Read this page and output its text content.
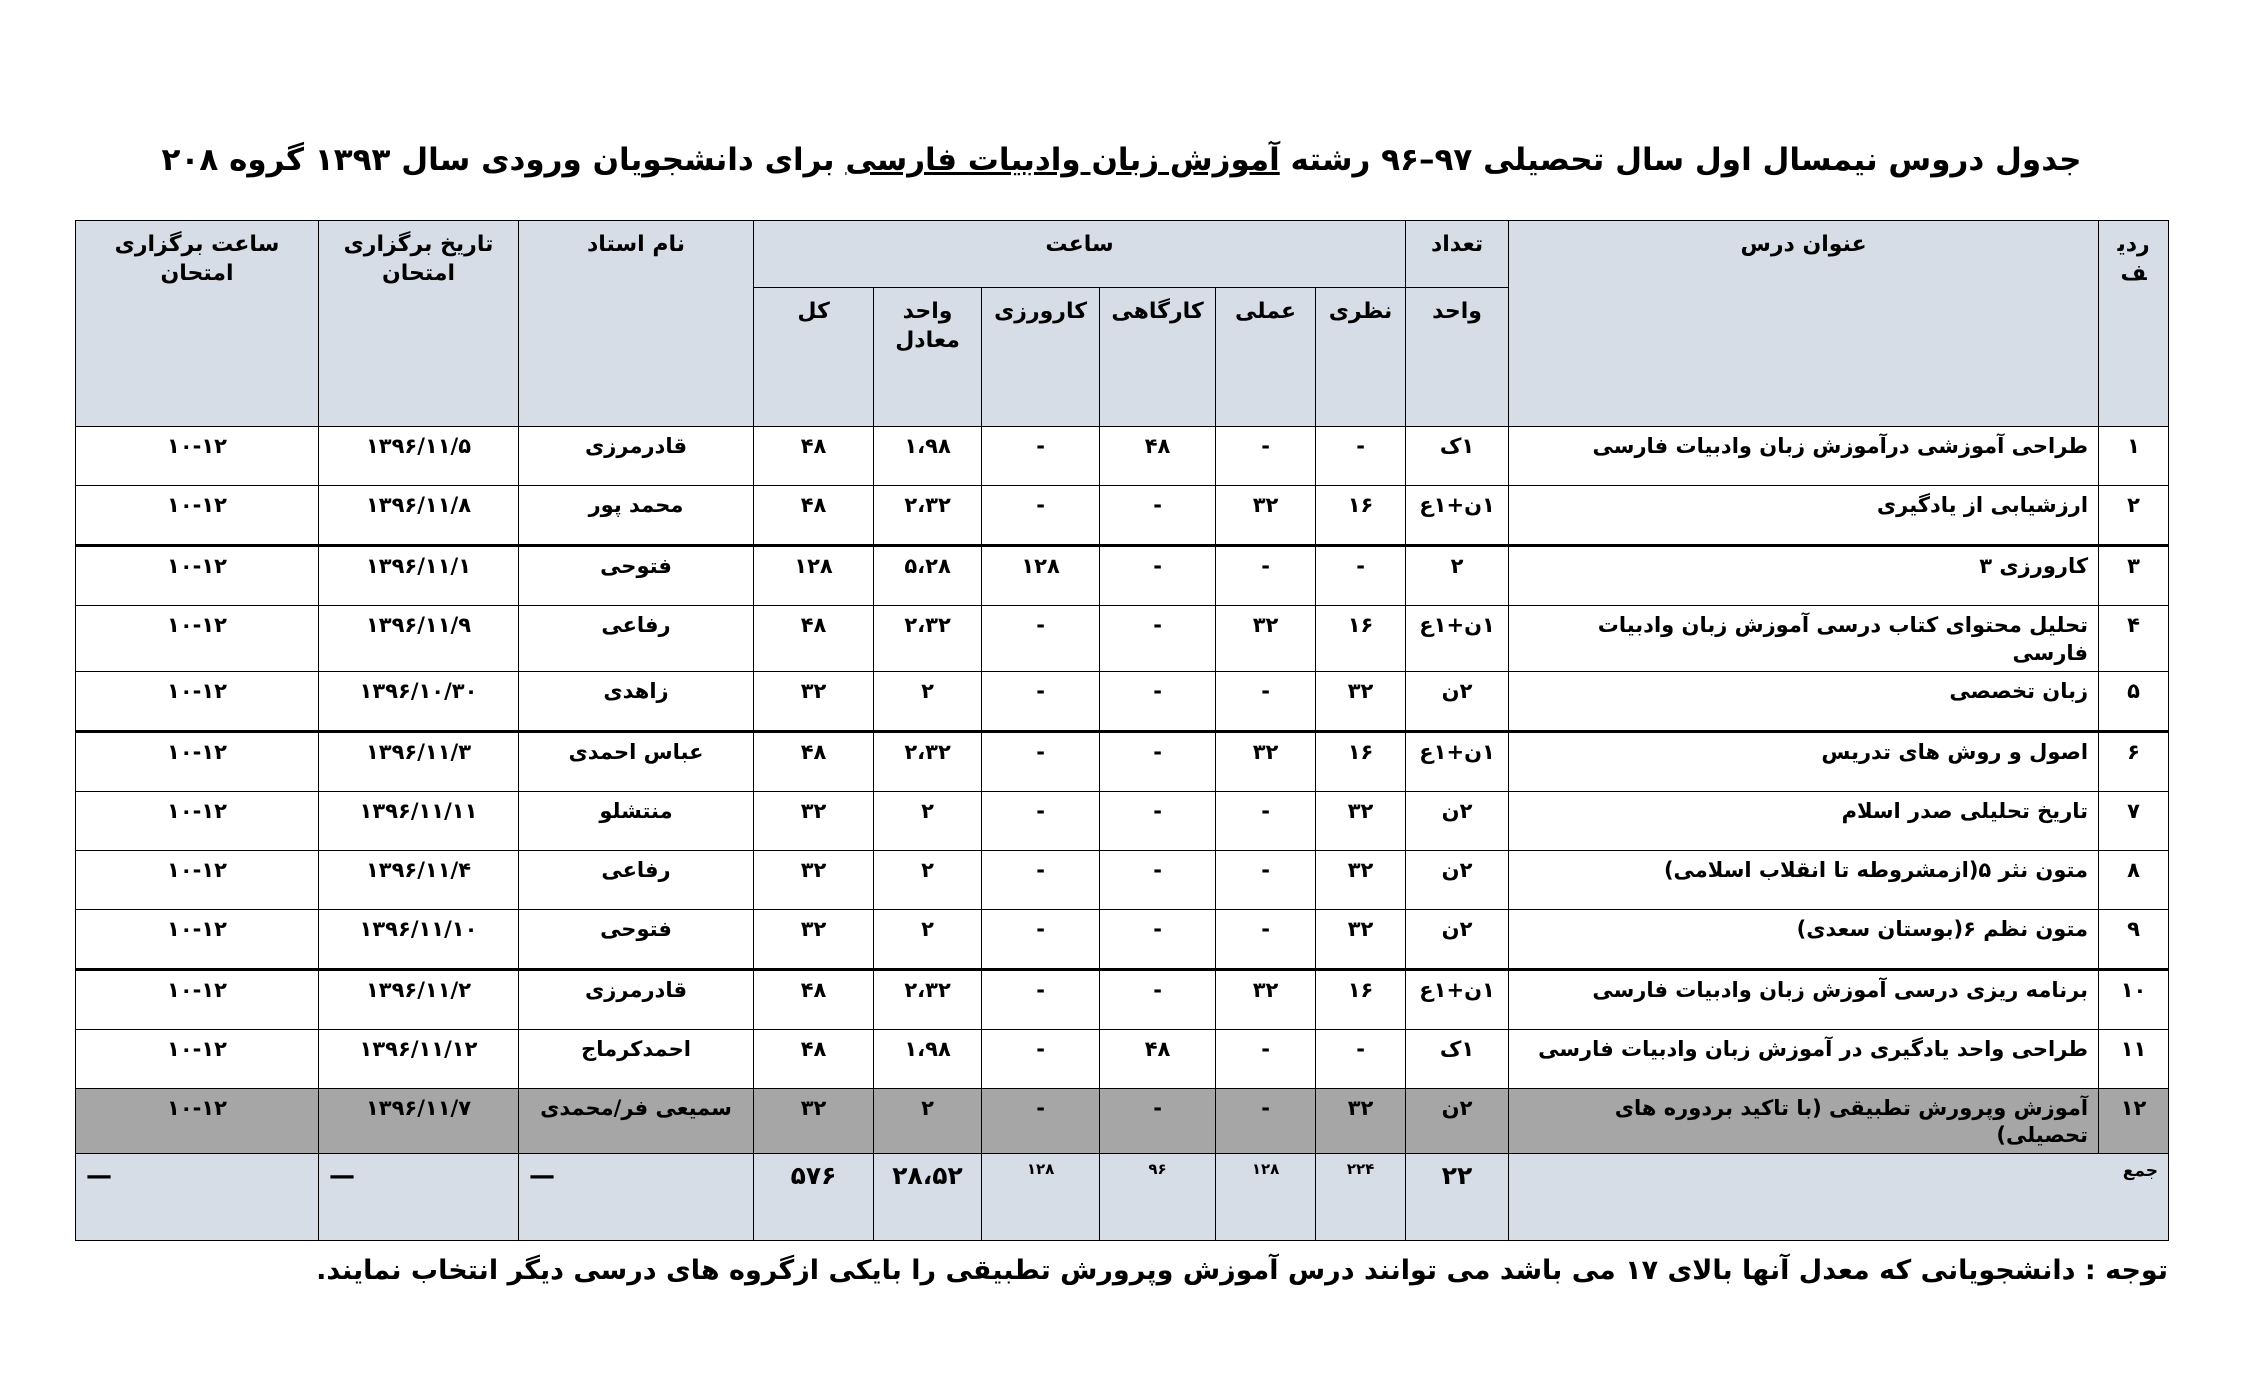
جدول دروس نیمسال اول سال تحصیلی ۹۷–۹۶ رشته آموزش زبان وادبیات فارسی برای دانشجویان ورودی سال ۱۳۹۳ گروه ۲۰۸
ردیف	عنوان درس	تعداد	ساعت						نام استاد	تاریخ برگزاری امتحان	ساعت برگزاری امتحان
		واحد	نظری	عملی	کارگاهی	کارورزی	واحد معادل	کل			
۱	طراحی آموزشی درآموزش زبان وادبیات فارسی	۱ک	-	-	۴۸	-	۱،۹۸	۴۸	قادرمرزی	۱۳۹۶/۱۱/۵	۱۰-۱۲
۲	ارزشیابی از یادگیری	۱ن+۱ع	۱۶	۳۲	-	-	۲،۳۲	۴۸	محمد پور	۱۳۹۶/۱۱/۸	۱۰-۱۲
۳	کارورزی ۳	۲	-	-	-	۱۲۸	۵،۲۸	۱۲۸	فتوحی	۱۳۹۶/۱۱/۱	۱۰-۱۲
۴	تحلیل محتوای کتاب درسی آموزش زبان وادبیات فارسی	۱ن+۱ع	۱۶	۳۲	-	-	۲،۳۲	۴۸	رفاعی	۱۳۹۶/۱۱/۹	۱۰-۱۲
۵	زبان تخصصی	۲ن	۳۲	-	-	-	۲	۳۲	زاهدی	۱۳۹۶/۱۰/۳۰	۱۰-۱۲
۶	اصول و روش های تدریس	۱ن+۱ع	۱۶	۳۲	-	-	۲،۳۲	۴۸	عباس احمدی	۱۳۹۶/۱۱/۳	۱۰-۱۲
۷	تاریخ تحلیلی صدر اسلام	۲ن	۳۲	-	-	-	۲	۳۲	منتشلو	۱۳۹۶/۱۱/۱۱	۱۰-۱۲
۸	متون نثر ۵(ازمشروطه تا انقلاب اسلامی)	۲ن	۳۲	-	-	-	۲	۳۲	رفاعی	۱۳۹۶/۱۱/۴	۱۰-۱۲
۹	متون نظم ۶(بوستان سعدی)	۲ن	۳۲	-	-	-	۲	۳۲	فتوحی	۱۳۹۶/۱۱/۱۰	۱۰-۱۲
۱۰	برنامه ریزی درسی آموزش زبان وادبیات فارسی	۱ن+۱ع	۱۶	۳۲	-	-	۲،۳۲	۴۸	قادرمرزی	۱۳۹۶/۱۱/۲	۱۰-۱۲
۱۱	طراحی واحد یادگیری در آموزش زبان وادبیات فارسی	۱ک	-	-	۴۸	-	۱،۹۸	۴۸	احمدکرماج	۱۳۹۶/۱۱/۱۲	۱۰-۱۲
۱۲	آموزش وپرورش تطبیقی (با تاکید بردوره های تحصیلی)	۲ن	۳۲	-	-	-	۲	۳۲	سمیعی فر/محمدی	۱۳۹۶/۱۱/۷	۱۰-۱۲
جمع		۲۲	۲۲۴	۱۲۸	۹۶	۱۲۸	۲۸،۵۲	۵۷۶	—	—	—
توجه : دانشجویانی که معدل آنها بالای ۱۷ می باشد می توانند درس آموزش وپرورش تطبیقی را بایکی ازگروه های درسی دیگر انتخاب نمایند.
